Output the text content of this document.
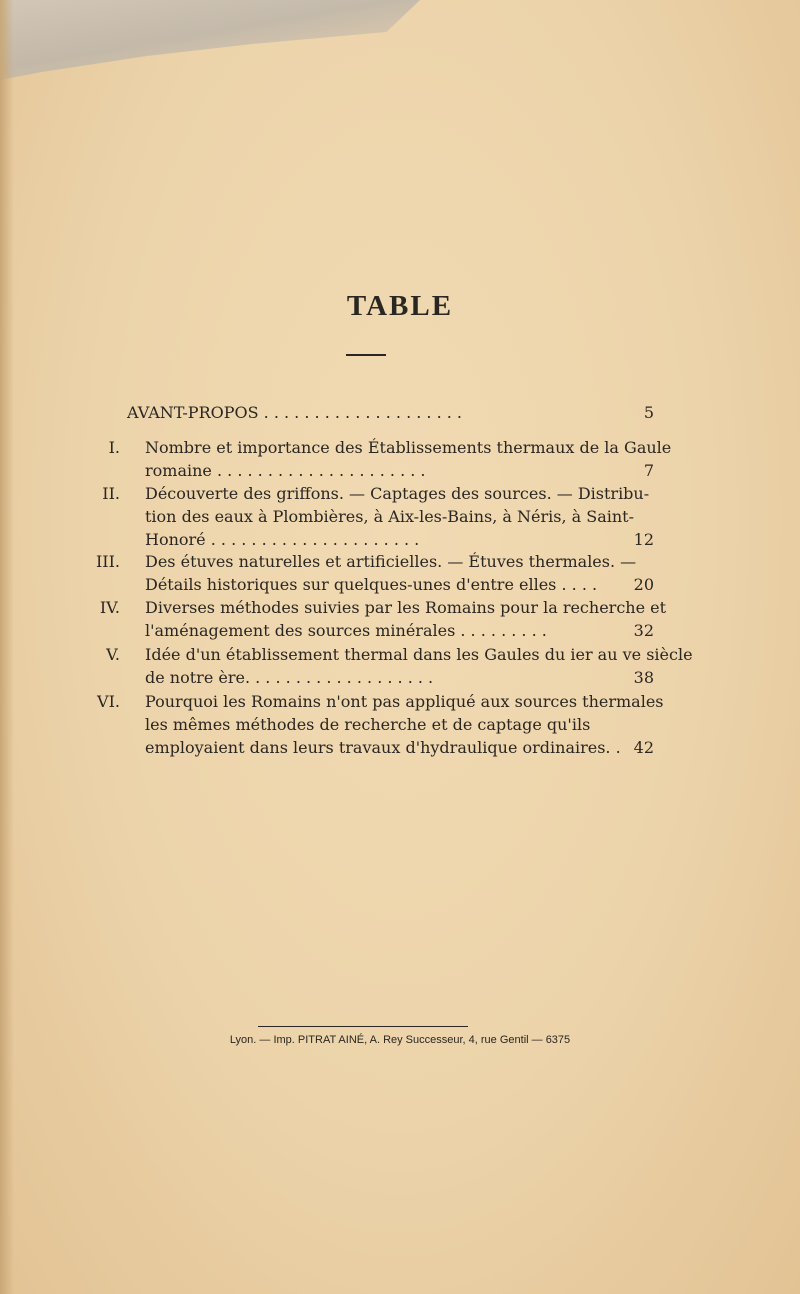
TABLE
AVANT-PROPOS . . . . . . . . . . . . . . . . . . . .	5
I. Nombre et importance des Établissements thermaux de la Gaule
romaine . . . . . . . . . . . . . . . . . . . . .	7
II. Découverte des griffons. — Captages des sources. — Distribu-
tion des eaux à Plombières, à Aix-les-Bains, à Néris, à Saint-
Honoré . . . . . . . . . . . . . . . . . . . . .	12
III. Des étuves naturelles et artificielles. — Étuves thermales. —
Détails historiques sur quelques-unes d'entre elles . . . .	20
IV. Diverses méthodes suivies par les Romains pour la recherche et
l'aménagement des sources minérales . . . . . . . . .	32
V. Idée d'un établissement thermal dans les Gaules du ier au ve siècle
de notre ère. . . . . . . . . . . . . . . . . . .	38
VI. Pourquoi les Romains n'ont pas appliqué aux sources thermales
les mêmes méthodes de recherche et de captage qu'ils
employaient dans leurs travaux d'hydraulique ordinaires. . 42
Lyon. — Imp. PITRAT AINÉ, A. Rey Successeur, 4, rue Gentil — 6375
